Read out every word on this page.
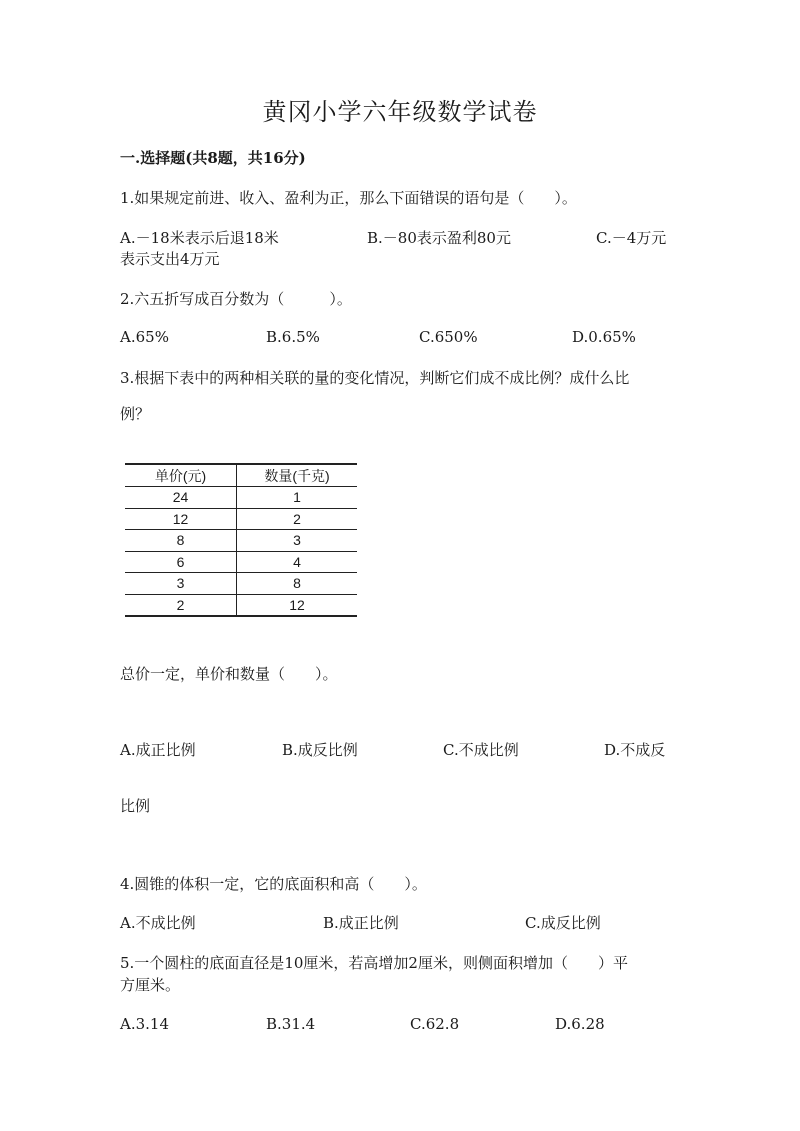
黄冈小学六年级数学试卷
一.选择题(共8题，共16分)
1.如果规定前进、收入、盈利为正，那么下面错误的语句是（　　）。
A.－18米表示后退18米	B.－80表示盈利80元	C.－4万元
表示支出4万元
2.六五折写成百分数为（　　　）。
A.65%	B.6.5%	C.650%	D.0.65%
3.根据下表中的两种相关联的量的变化情况，判断它们成不成比例？成什么比
例？
单价(元)	数量(千克)
24	1
12	2
8	3
6	4
3	8
2	12
总价一定，单价和数量（　　）。
A.成正比例	B.成反比例	C.不成比例	D.不成反
比例
4.圆锥的体积一定，它的底面积和高（　　）。
A.不成比例	B.成正比例	C.成反比例
5.一个圆柱的底面直径是10厘米，若高增加2厘米，则侧面积增加（　　）平
方厘米。
A.3.14	B.31.4	C.62.8	D.6.28
